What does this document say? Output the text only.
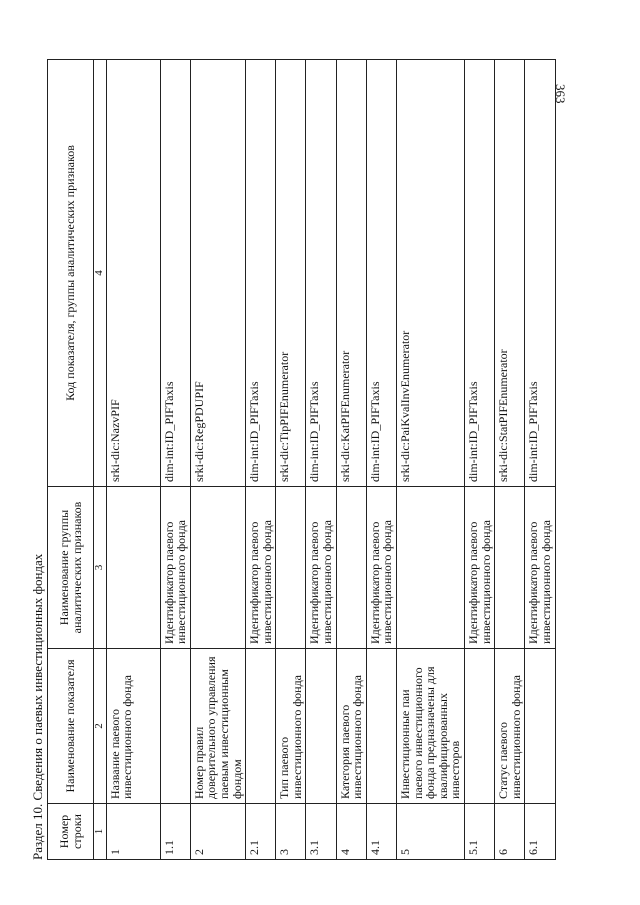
363
Раздел 10. Сведения о паевых инвестиционных фондах Номер строки	Наименование показателя	Наименование группы аналитических признаков	Код показателя, группы аналитических признаков
1	2	3	4
1	Название паевого инвестиционного фонда		srki-dic:NazvPIF
1.1		Идентификатор паевого инвестиционного фонда	dim-int:ID_PIFTaxis
2	Номер правил доверительного управления паевым инвестиционным фондом		srki-dic:RegPDUPIF
2.1		Идентификатор паевого инвестиционного фонда	dim-int:ID_PIFTaxis
3	Тип паевого инвестиционного фонда		srki-dic:TipPIFEnumerator
3.1		Идентификатор паевого инвестиционного фонда	dim-int:ID_PIFTaxis
4	Категория паевого инвестиционного фонда		srki-dic:KatPIFEnumerator
4.1		Идентификатор паевого инвестиционного фонда	dim-int:ID_PIFTaxis
5	Инвестиционные паи паевого инвестиционного фонда предназначены для квалифицированных инвесторов		srki-dic:PaiKvalInvEnumerator
5.1		Идентификатор паевого инвестиционного фонда	dim-int:ID_PIFTaxis
6	Статус паевого инвестиционного фонда		srki-dic:StatPIFEnumerator
6.1		Идентификатор паевого инвестиционного фонда	dim-int:ID_PIFTaxis
